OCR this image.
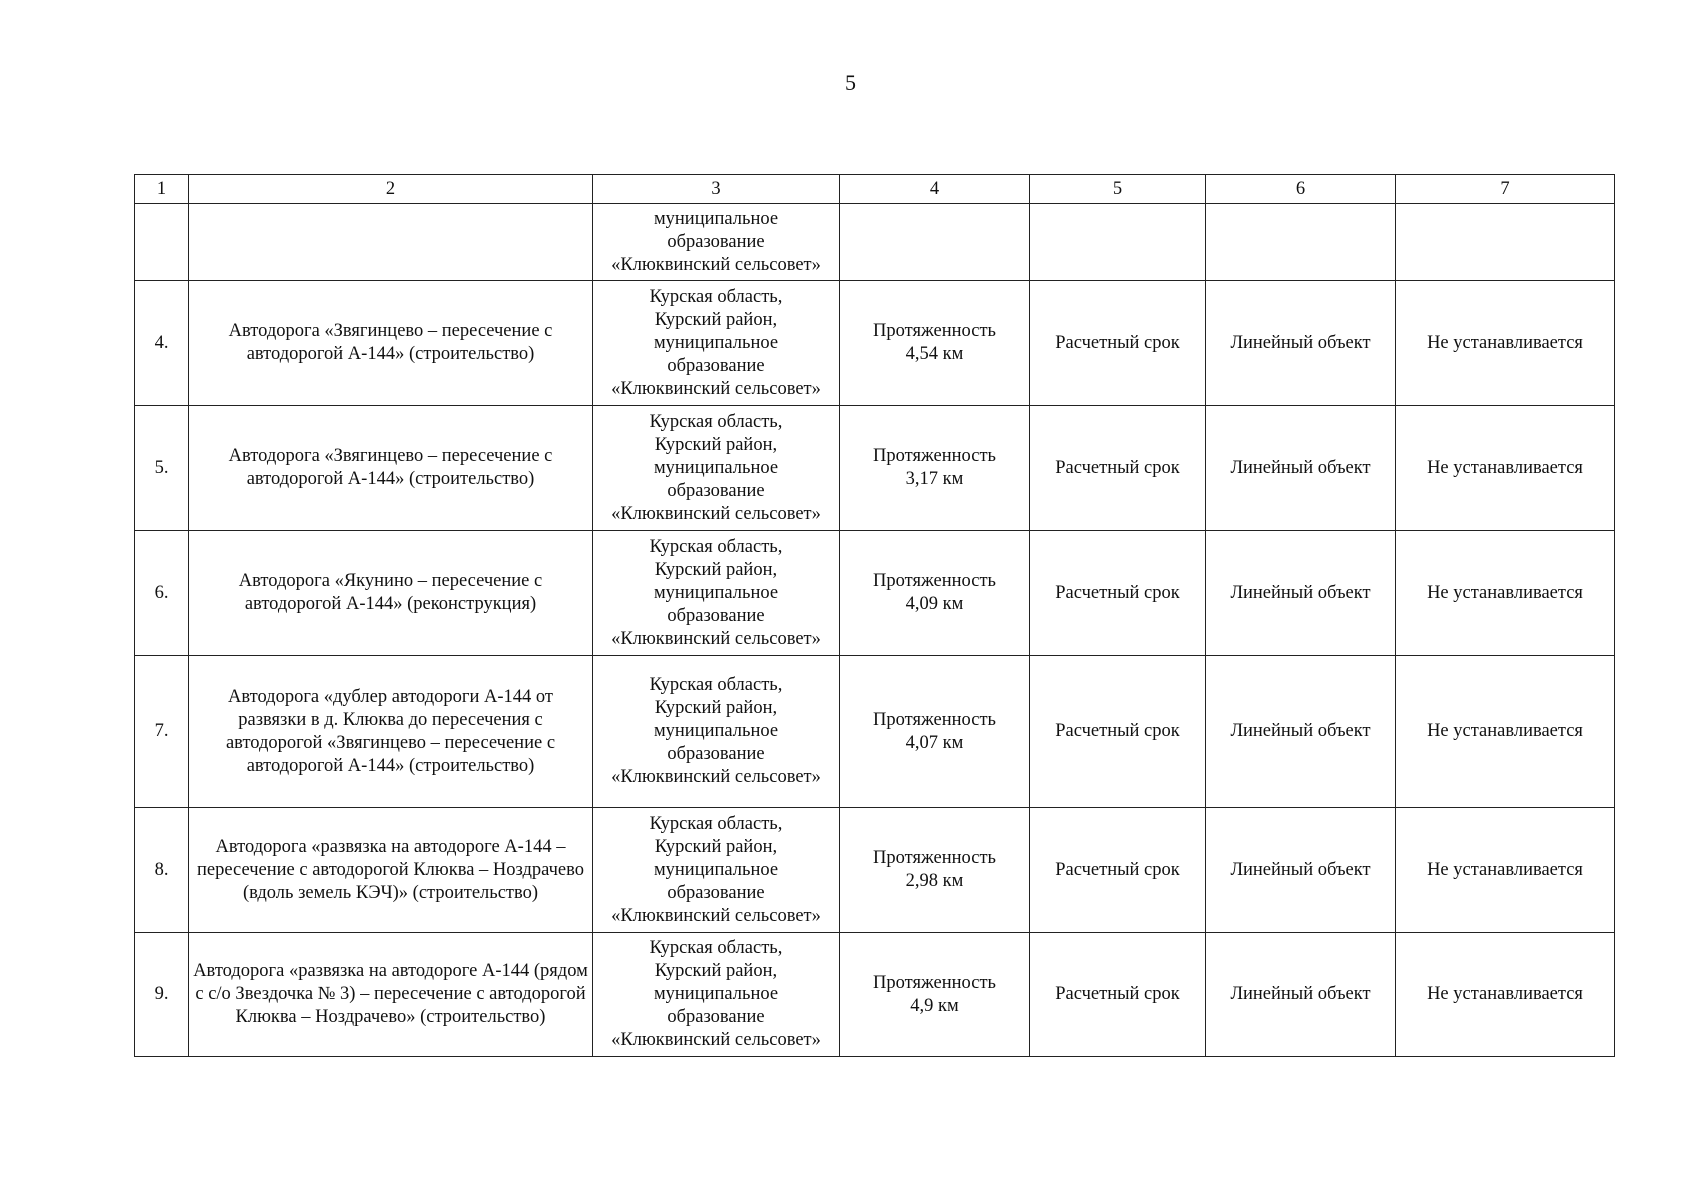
5
1	2	3	4	5	6	7

		муниципальное
образование
«Клюквинский сельсовет»				

4.	Автодорога «Звягинцево – пересечение с автодорогой А-144» (строительство)	Курская область,
Курский район,
муниципальное
образование
«Клюквинский сельсовет»	Протяженность
4,54 км	Расчетный срок	Линейный объект	Не устанавливается
5.	Автодорога «Звягинцево – пересечение с автодорогой А-144» (строительство)	Курская область,
Курский район,
муниципальное
образование
«Клюквинский сельсовет»	Протяженность
3,17 км	Расчетный срок	Линейный объект	Не устанавливается
6.	Автодорога «Якунино – пересечение с автодорогой А-144» (реконструкция)	Курская область,
Курский район,
муниципальное
образование
«Клюквинский сельсовет»	Протяженность
4,09 км	Расчетный срок	Линейный объект	Не устанавливается
7.	Автодорога «дублер автодороги А-144 от развязки в д. Клюква до пересечения с автодорогой «Звягинцево – пересечение с автодорогой А-144» (строительство)	Курская область,
Курский район,
муниципальное
образование
«Клюквинский сельсовет»	Протяженность
4,07 км	Расчетный срок	Линейный объект	Не устанавливается
8.	Автодорога «развязка на автодороге А-144 – пересечение с автодорогой Клюква – Ноздрачево (вдоль земель КЭЧ)» (строительство)	Курская область,
Курский район,
муниципальное
образование
«Клюквинский сельсовет»	Протяженность
2,98 км	Расчетный срок	Линейный объект	Не устанавливается
9.	Автодорога «развязка на автодороге А-144 (рядом с с/о Звездочка № 3) – пересечение с автодорогой Клюква – Ноздрачево» (строительство)	Курская область,
Курский район,
муниципальное
образование
«Клюквинский сельсовет»	Протяженность
4,9 км	Расчетный срок	Линейный объект	Не устанавливается
